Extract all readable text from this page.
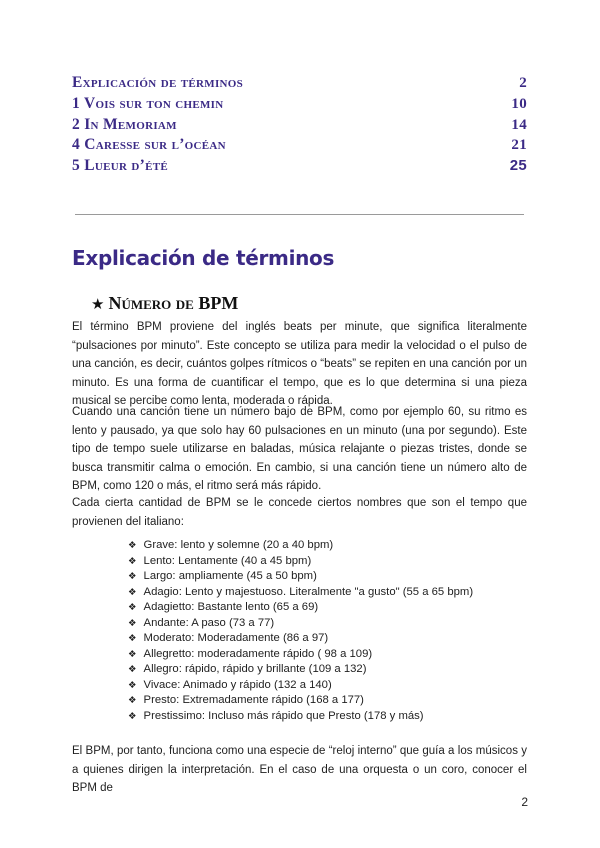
Explicación de términos	2
1 Vois sur ton chemin	10
2 In Memoriam	14
4 Caresse sur l’océan	21
5 Lueur d’été	25
Explicación de términos
★ Número de BPM

El término BPM proviene del inglés beats per minute, que significa literalmente “pulsaciones por minuto”. Este concepto se utiliza para medir la velocidad o el pulso de una canción, es decir, cuántos golpes rítmicos o “beats” se repiten en una canción por un minuto. Es una forma de cuantificar el tempo, que es lo que determina si una pieza musical se percibe como lenta, moderada o rápida.

Cuando una canción tiene un número bajo de BPM, como por ejemplo 60, su ritmo es lento y pausado, ya que solo hay 60 pulsaciones en un minuto (una por segundo). Este tipo de tempo suele utilizarse en baladas, música relajante o piezas tristes, donde se busca transmitir calma o emoción. En cambio, si una canción tiene un número alto de BPM, como 120 o más, el ritmo será más rápido.

Cada cierta cantidad de BPM se le concede ciertos nombres que son el tempo que provienen del italiano:

❖ Grave: lento y solemne (20 a 40 bpm)
❖ Lento: Lentamente (40 a 45 bpm)
❖ Largo: ampliamente (45 a 50 bpm)
❖ Adagio: Lento y majestuoso. Literalmente "a gusto" (55 a 65 bpm)
❖ Adagietto: Bastante lento (65 a 69)
❖ Andante: A paso (73 a 77)
❖ Moderato: Moderadamente (86 a 97)
❖ Allegretto: moderadamente rápido ( 98 a 109)
❖ Allegro: rápido, rápido y brillante (109 a 132)
❖ Vivace: Animado y rápido (132 a 140)
❖ Presto: Extremadamente rápido (168 a 177)
❖ Prestissimo: Incluso más rápido que Presto (178 y más)

El BPM, por tanto, funciona como una especie de “reloj interno” que guía a los músicos y a quienes dirigen la interpretación. En el caso de una orquesta o un coro, conocer el BPM de

2
